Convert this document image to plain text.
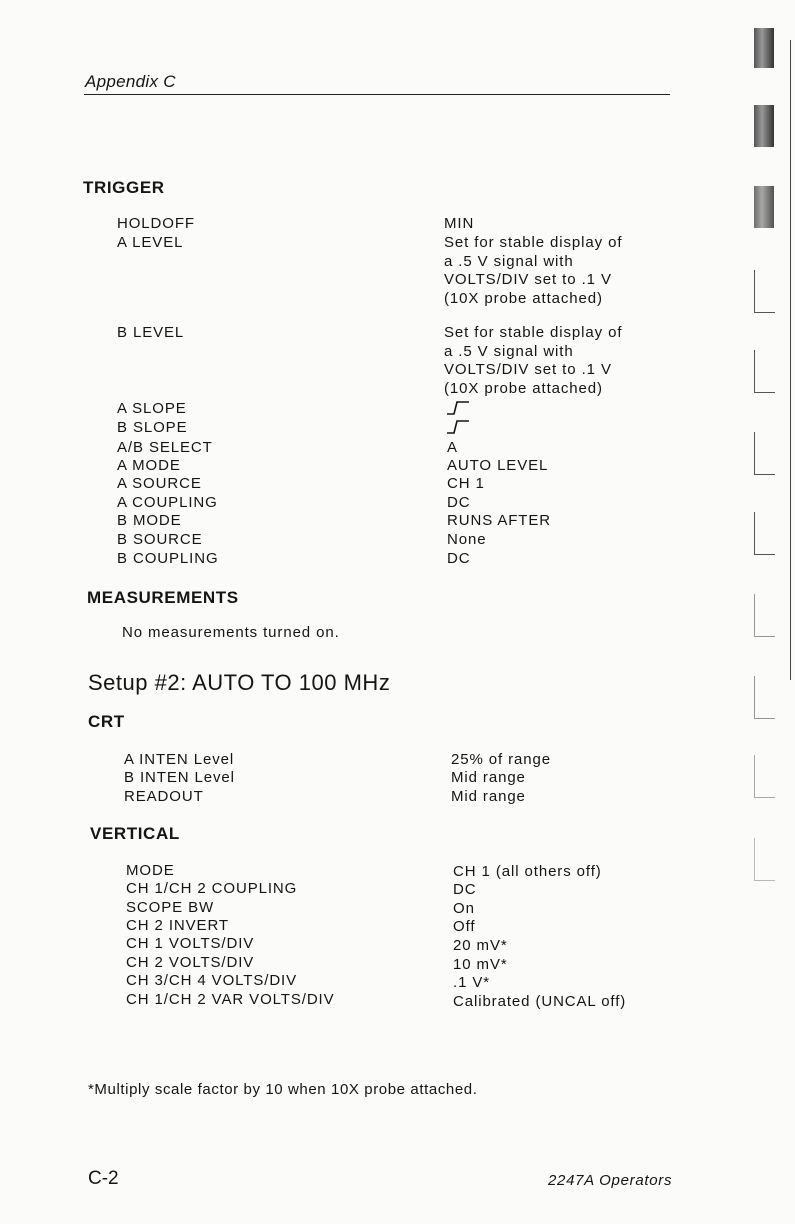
Appendix C
TRIGGER
HOLDOFF	MIN
A LEVEL	Set for stable display of
a .5 V signal with
VOLTS/DIV set to .1 V
(10X probe attached)
B LEVEL	Set for stable display of
a .5 V signal with
VOLTS/DIV set to .1 V
(10X probe attached)
A SLOPE
B SLOPE
A/B SELECT	A
A MODE	AUTO LEVEL
A SOURCE	CH 1
A COUPLING	DC
B MODE	RUNS AFTER
B SOURCE	None
B COUPLING	DC
MEASUREMENTS
No measurements turned on.
Setup #2: AUTO TO 100 MHz
CRT
A INTEN Level	25% of range
B INTEN Level	Mid range
READOUT	Mid range
VERTICAL
MODE	CH 1 (all others off)
CH 1/CH 2 COUPLING	DC
SCOPE BW	On
CH 2 INVERT	Off
CH 1 VOLTS/DIV	20 mV*
CH 2 VOLTS/DIV	10 mV*
CH 3/CH 4 VOLTS/DIV	.1 V*
CH 1/CH 2 VAR VOLTS/DIV	Calibrated (UNCAL off)
*Multiply scale factor by 10 when 10X probe attached.
C-2	2247A Operators
